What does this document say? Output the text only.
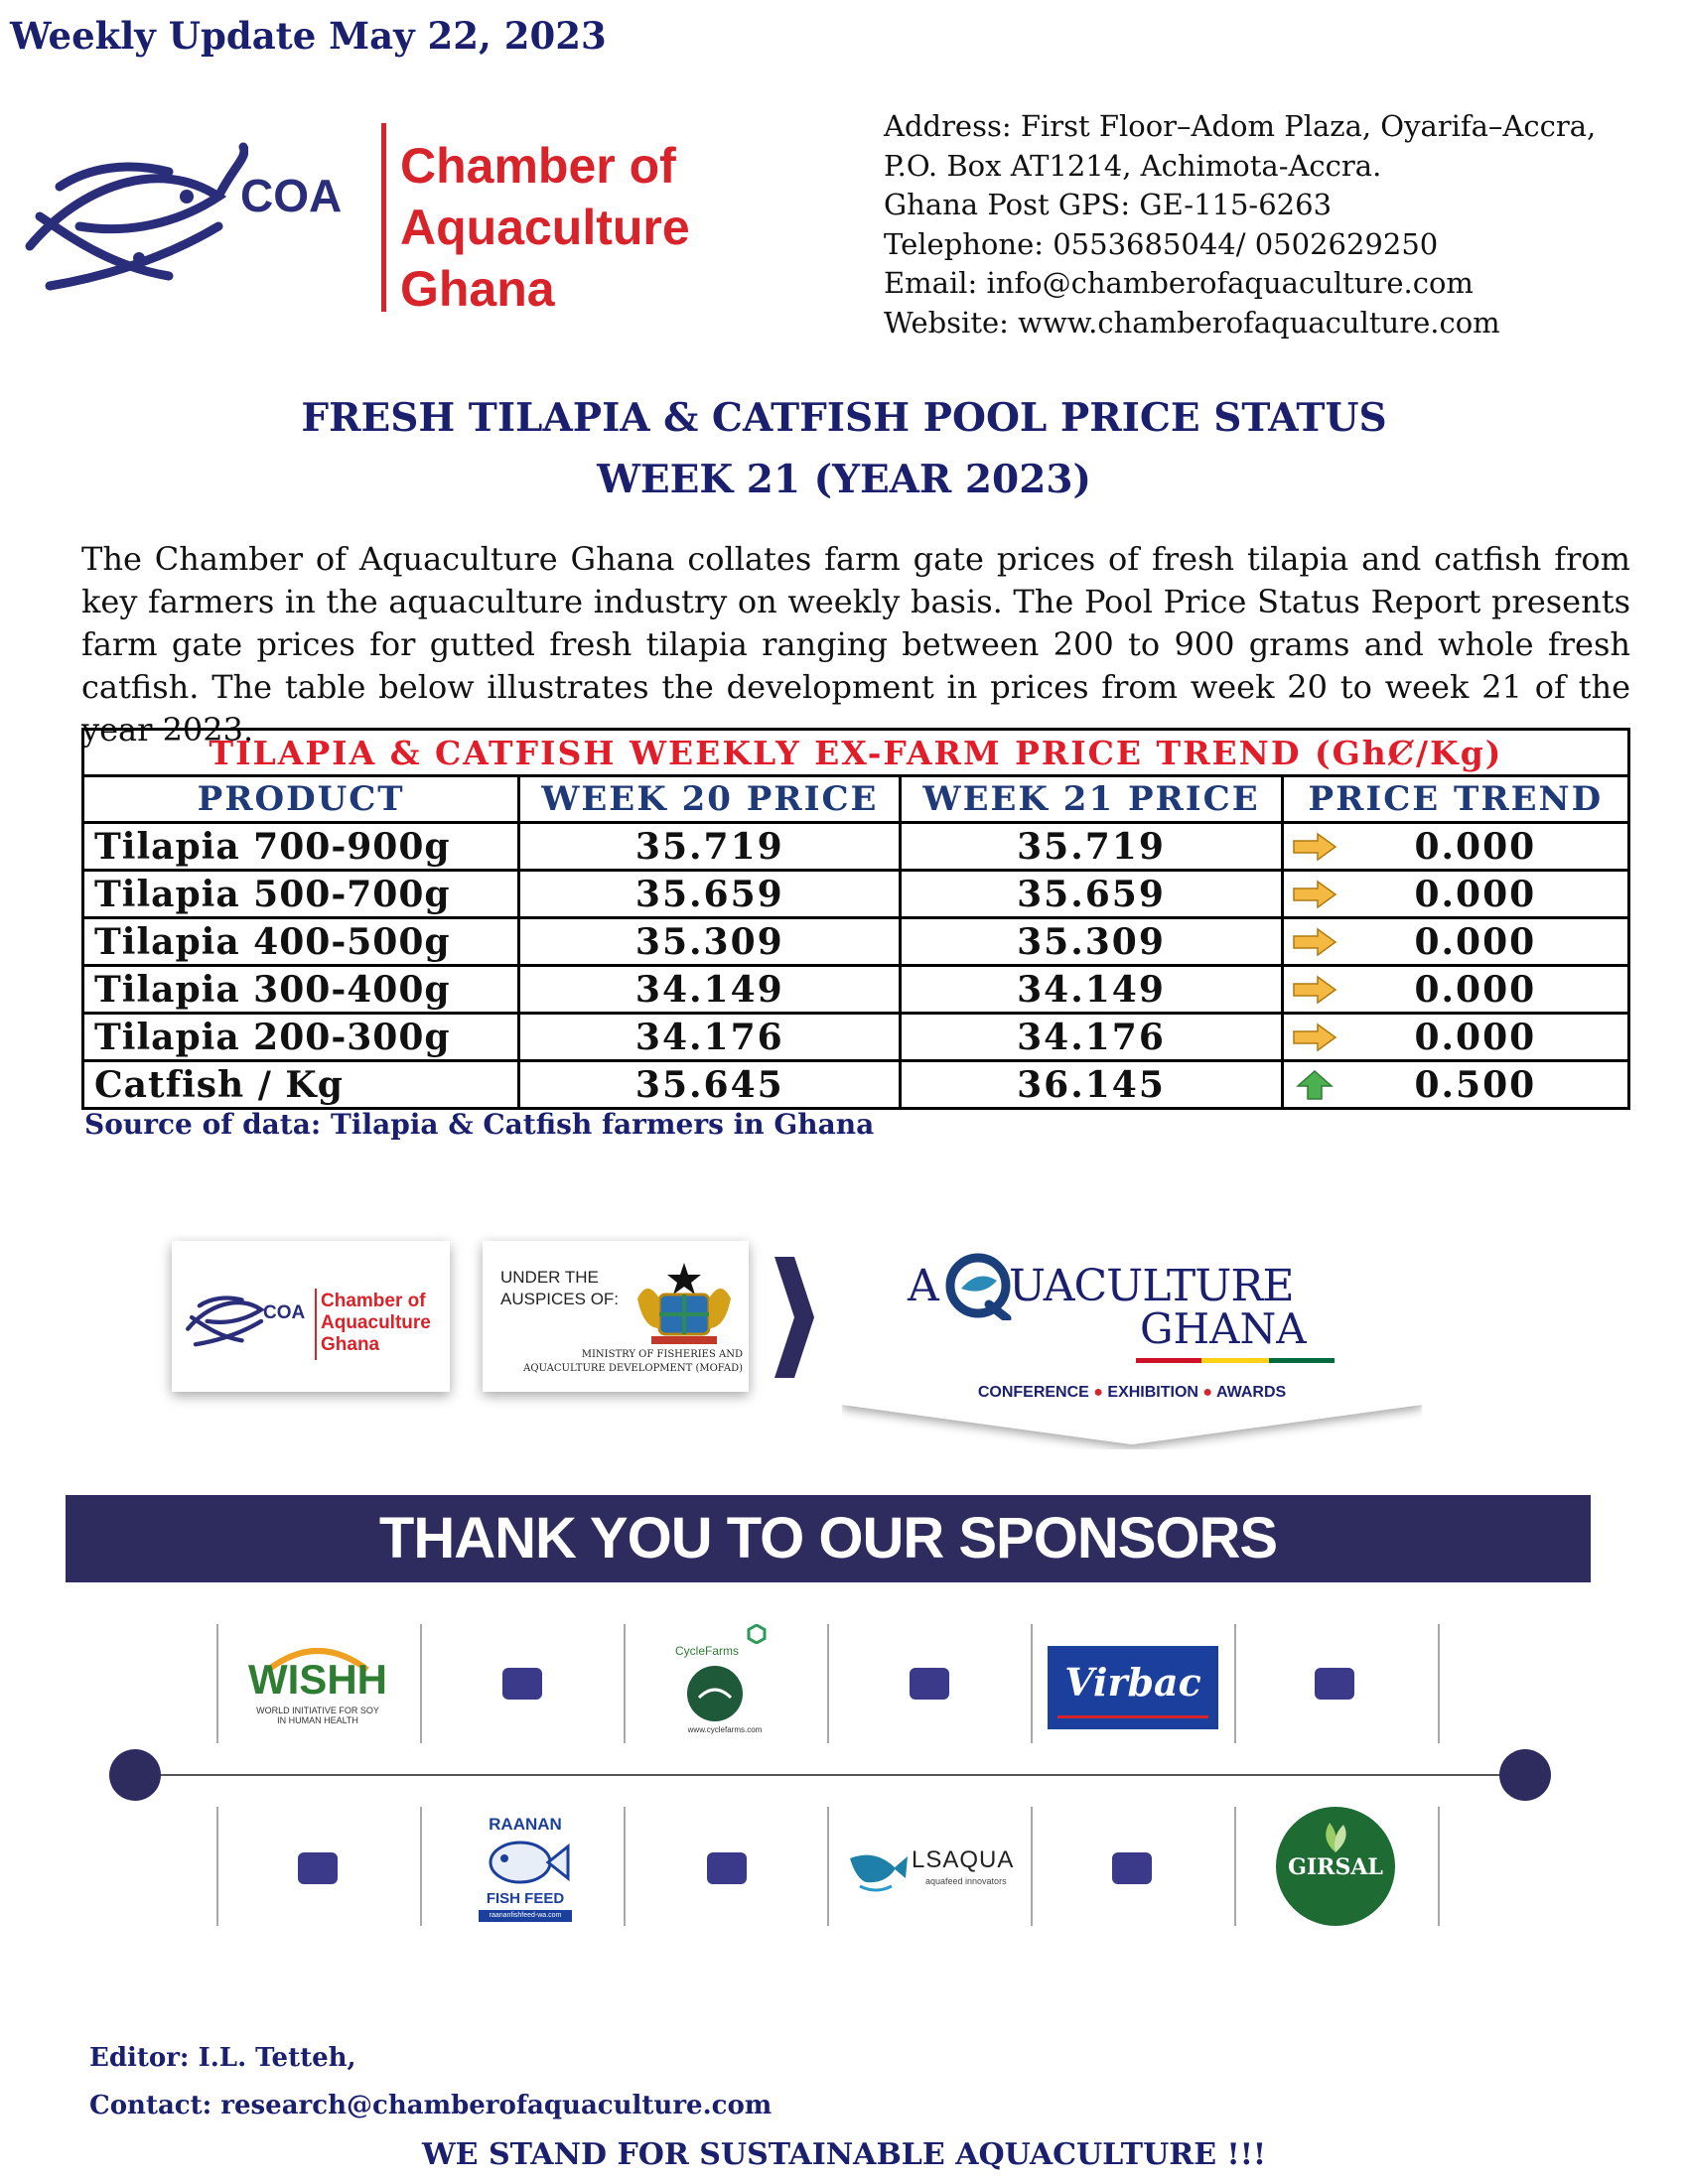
Weekly Update May 22, 2023
COA
Chamber of
Aquaculture
Ghana
Address: First Floor–Adom Plaza, Oyarifa–Accra,
P.O. Box AT1214, Achimota-Accra.
Ghana Post GPS: GE-115-6263
Telephone: 0553685044/ 0502629250
Email: info@chamberofaquaculture.com
Website: www.chamberofaquaculture.com
FRESH TILAPIA & CATFISH POOL PRICE STATUS
WEEK 21 (YEAR 2023)
The Chamber of Aquaculture Ghana collates farm gate prices of fresh tilapia and catfish from key farmers in the aquaculture industry on weekly basis. The Pool Price Status Report presents farm gate prices for gutted fresh tilapia ranging between 200 to 900 grams and whole fresh catfish. The table below illustrates the development in prices from week 20 to week 21 of the year 2023.
TILAPIA & CATFISH WEEKLY EX-FARM PRICE TREND (GhȻ/Kg)			
PRODUCT	WEEK 20 PRICE	WEEK 21 PRICE	PRICE TREND
Tilapia 700-900g	35.719	35.719	0.000

Tilapia 500-700g	35.659	35.659	0.000

Tilapia 400-500g	35.309	35.309	0.000

Tilapia 300-400g	34.149	34.149	0.000

Tilapia 200-300g	34.176	34.176	0.000

Catfish / Kg	35.645	36.145	0.500
Source of data: Tilapia & Catfish farmers in Ghana
COA
Chamber of
Aquaculture
Ghana
UNDER THE
AUSPICES OF:
MINISTRY OF FISHERIES AND
AQUACULTURE DEVELOPMENT (MOFAD)
A UACULTURE
GHANA
CONFERENCE ● EXHIBITION ● AWARDS
THANK YOU TO OUR SPONSORS
WISHH
WORLD INITIATIVE FOR SOY
IN HUMAN HEALTH
CycleFarms
www.cyclefarms.com
Virbac
RAANAN
FISH FEED
raananfishfeed-wa.com
LSAQUA
aquafeed innovators
GIRSAL
Editor: I.L. Tetteh,
Contact: research@chamberofaquaculture.com
WE STAND FOR SUSTAINABLE AQUACULTURE !!!
